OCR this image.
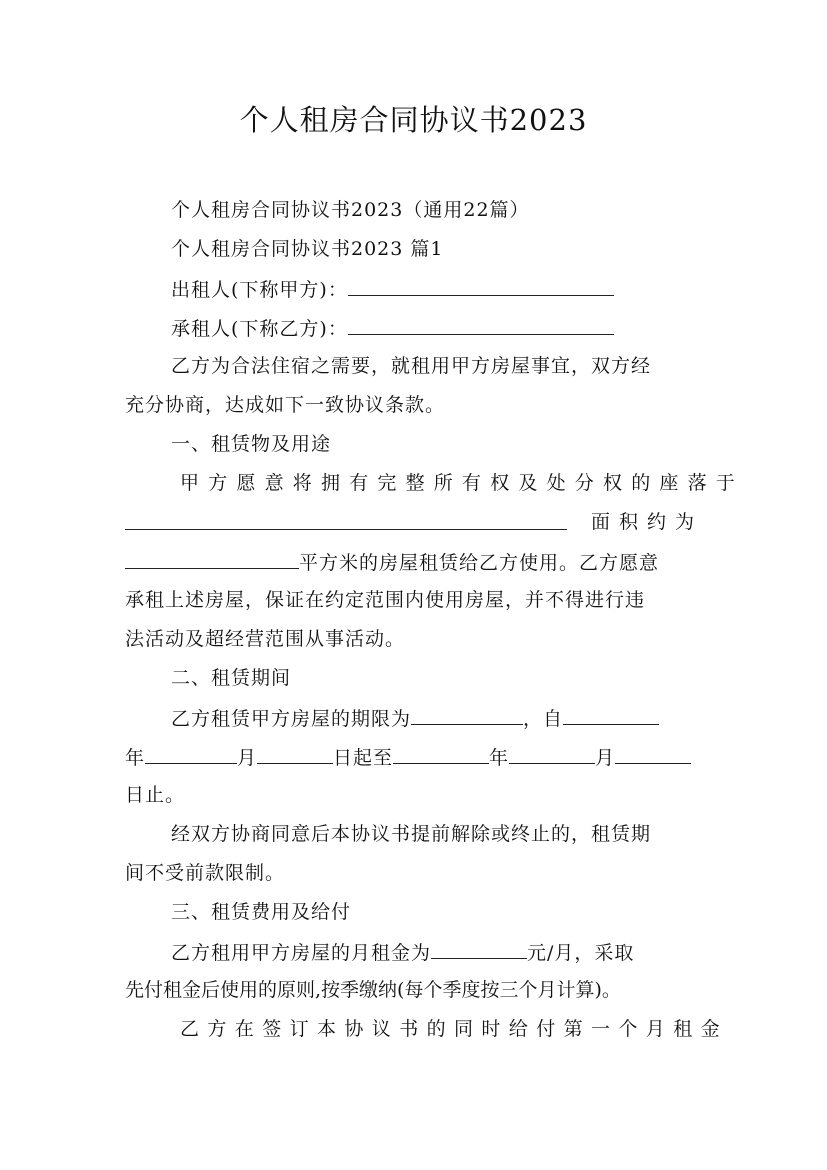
个人租房合同协议书2023
个人租房合同协议书2023（通用22篇）
个人租房合同协议书2023 篇1
出租人(下称甲方)：
承租人(下称乙方)：
乙方为合法住宿之需要，就租用甲方房屋事宜，双方经
充分协商，达成如下一致协议条款。
一、租赁物及用途
甲方愿意将拥有完整所有权及处分权的座落于
面积约为
平方米的房屋租赁给乙方使用。乙方愿意
承租上述房屋，保证在约定范围内使用房屋，并不得进行违
法活动及超经营范围从事活动。
二、租赁期间
乙方租赁甲方房屋的期限为	，自
年	月	日起至	年	月
日止。
经双方协商同意后本协议书提前解除或终止的，租赁期
间不受前款限制。
三、租赁费用及给付
乙方租用甲方房屋的月租金为	元/月，采取
先付租金后使用的原则,按季缴纳(每个季度按三个月计算)。
乙方在签订本协议书的同时给付第一个月租金
